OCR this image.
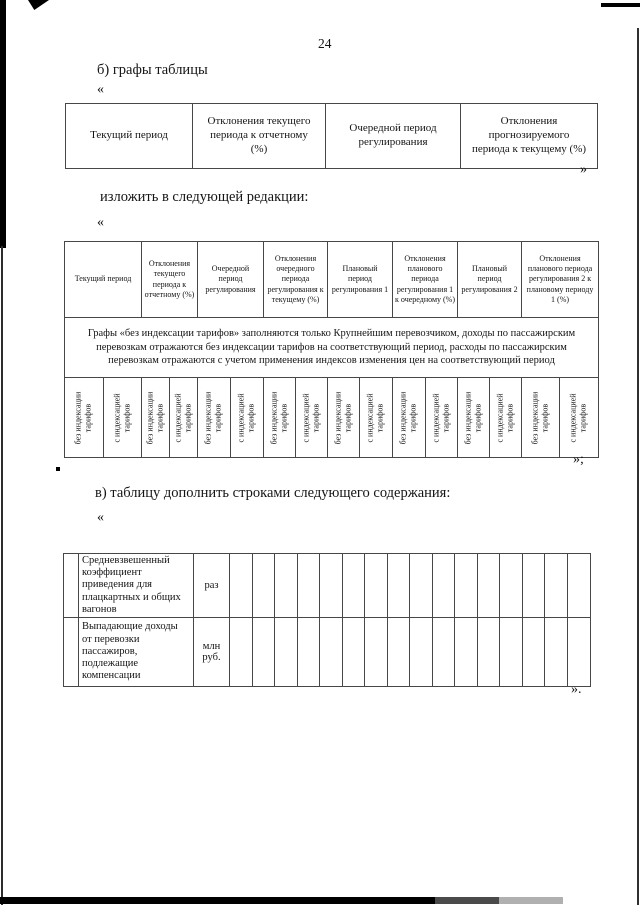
24
б) графы таблицы
«
Текущий период	Отклонения текущего периода к отчетному (%)	Очередной период регулирования	Отклонения прогнозируемого периода к текущему (%)
»
изложить в следующей редакции:
«
Текущий период		Отклонения текущего периода к отчетному (%)		Очередной период регулирования		Отклонения очередного периода регулирования к текущему (%)		Плановый период регулирования 1		Отклонения планового периода регулирования 1 к очередному (%)		Плановый период регулирования 2		Отклонения планового периода регулирования 2 к плановому периоду 1 (%)	
Графы «без индексации тарифов» заполняются только Крупнейшим перевозчиком, доходы по пассажирским перевозкам отражаются без индексации тарифов на соответствующий период, расходы по пассажирским перевозкам отражаются с учетом применения индексов изменения цен на соответствующий период															

без индексации тарифов	с индексацией тарифов	без индексации тарифов	с индексацией тарифов	без индексации тарифов	с индексацией тарифов	без индексации тарифов	с индексацией тарифов	без индексации тарифов	с индексацией тарифов	без индексации тарифов	с индексацией тарифов	без индексации тарифов	с индексацией тарифов	без индексации тарифов	с индексацией тарифов
»;
в) таблицу дополнить строками следующего содержания:
«
	Средневзвешенный коэффициент приведения для плацкартных и общих вагонов	раз																
	Выпадающие доходы от перевозки пассажиров, подлежащие компенсации	млн руб.																
».
